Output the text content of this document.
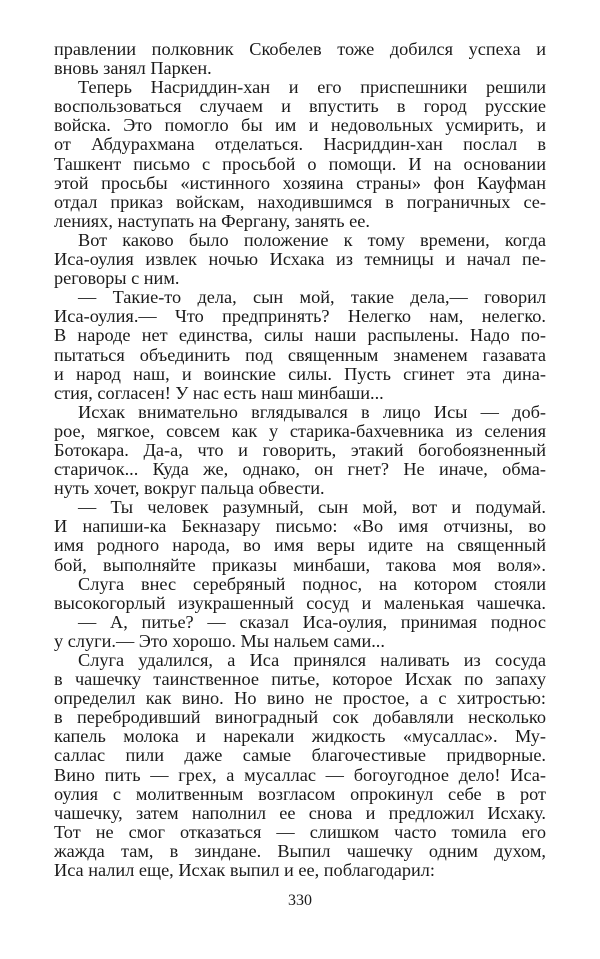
правлении полковник Скобелев тоже добился успеха и
вновь занял Паркен.
Теперь Насриддин-хан и его приспешники решили
воспользоваться случаем и впустить в город русские
войска. Это помогло бы им и недовольных усмирить, и
от Абдурахмана отделаться. Насриддин-хан послал в
Ташкент письмо с просьбой о помощи. И на основании
этой просьбы «истинного хозяина страны» фон Кауфман
отдал приказ войскам, находившимся в пограничных се-
лениях, наступать на Фергану, занять ее.
Вот каково было положение к тому времени, когда
Иса-оулия извлек ночью Исхака из темницы и начал пе-
реговоры с ним.
— Такие-то дела, сын мой, такие дела,— говорил
Иса-оулия.— Что предпринять? Нелегко нам, нелегко.
В народе нет единства, силы наши распылены. Надо по-
пытаться объединить под священным знаменем газавата
и народ наш, и воинские силы. Пусть сгинет эта дина-
стия, согласен! У нас есть наш минбаши...
Исхак внимательно вглядывался в лицо Исы — доб-
рое, мягкое, совсем как у старика-бахчевника из селения
Ботокара. Да-а, что и говорить, этакий богобоязненный
старичок... Куда же, однако, он гнет? Не иначе, обма-
нуть хочет, вокруг пальца обвести.
— Ты человек разумный, сын мой, вот и подумай.
И напиши-ка Бекназару письмо: «Во имя отчизны, во
имя родного народа, во имя веры идите на священный
бой, выполняйте приказы минбаши, такова моя воля».
Слуга внес серебряный поднос, на котором стояли
высокогорлый изукрашенный сосуд и маленькая чашечка.
— А, питье? — сказал Иса-оулия, принимая поднос
у слуги.— Это хорошо. Мы нальем сами...
Слуга удалился, а Иса принялся наливать из сосуда
в чашечку таинственное питье, которое Исхак по запаху
определил как вино. Но вино не простое, а с хитростью:
в перебродивший виноградный сок добавляли несколько
капель молока и нарекали жидкость «мусаллас». Му-
саллас пили даже самые благочестивые придворные.
Вино пить — грех, а мусаллас — богоугодное дело! Иса-
оулия с молитвенным возгласом опрокинул себе в рот
чашечку, затем наполнил ее снова и предложил Исхаку.
Тот не смог отказаться — слишком часто томила его
жажда там, в зиндане. Выпил чашечку одним духом,
Иса налил еще, Исхак выпил и ее, поблагодарил:
330
